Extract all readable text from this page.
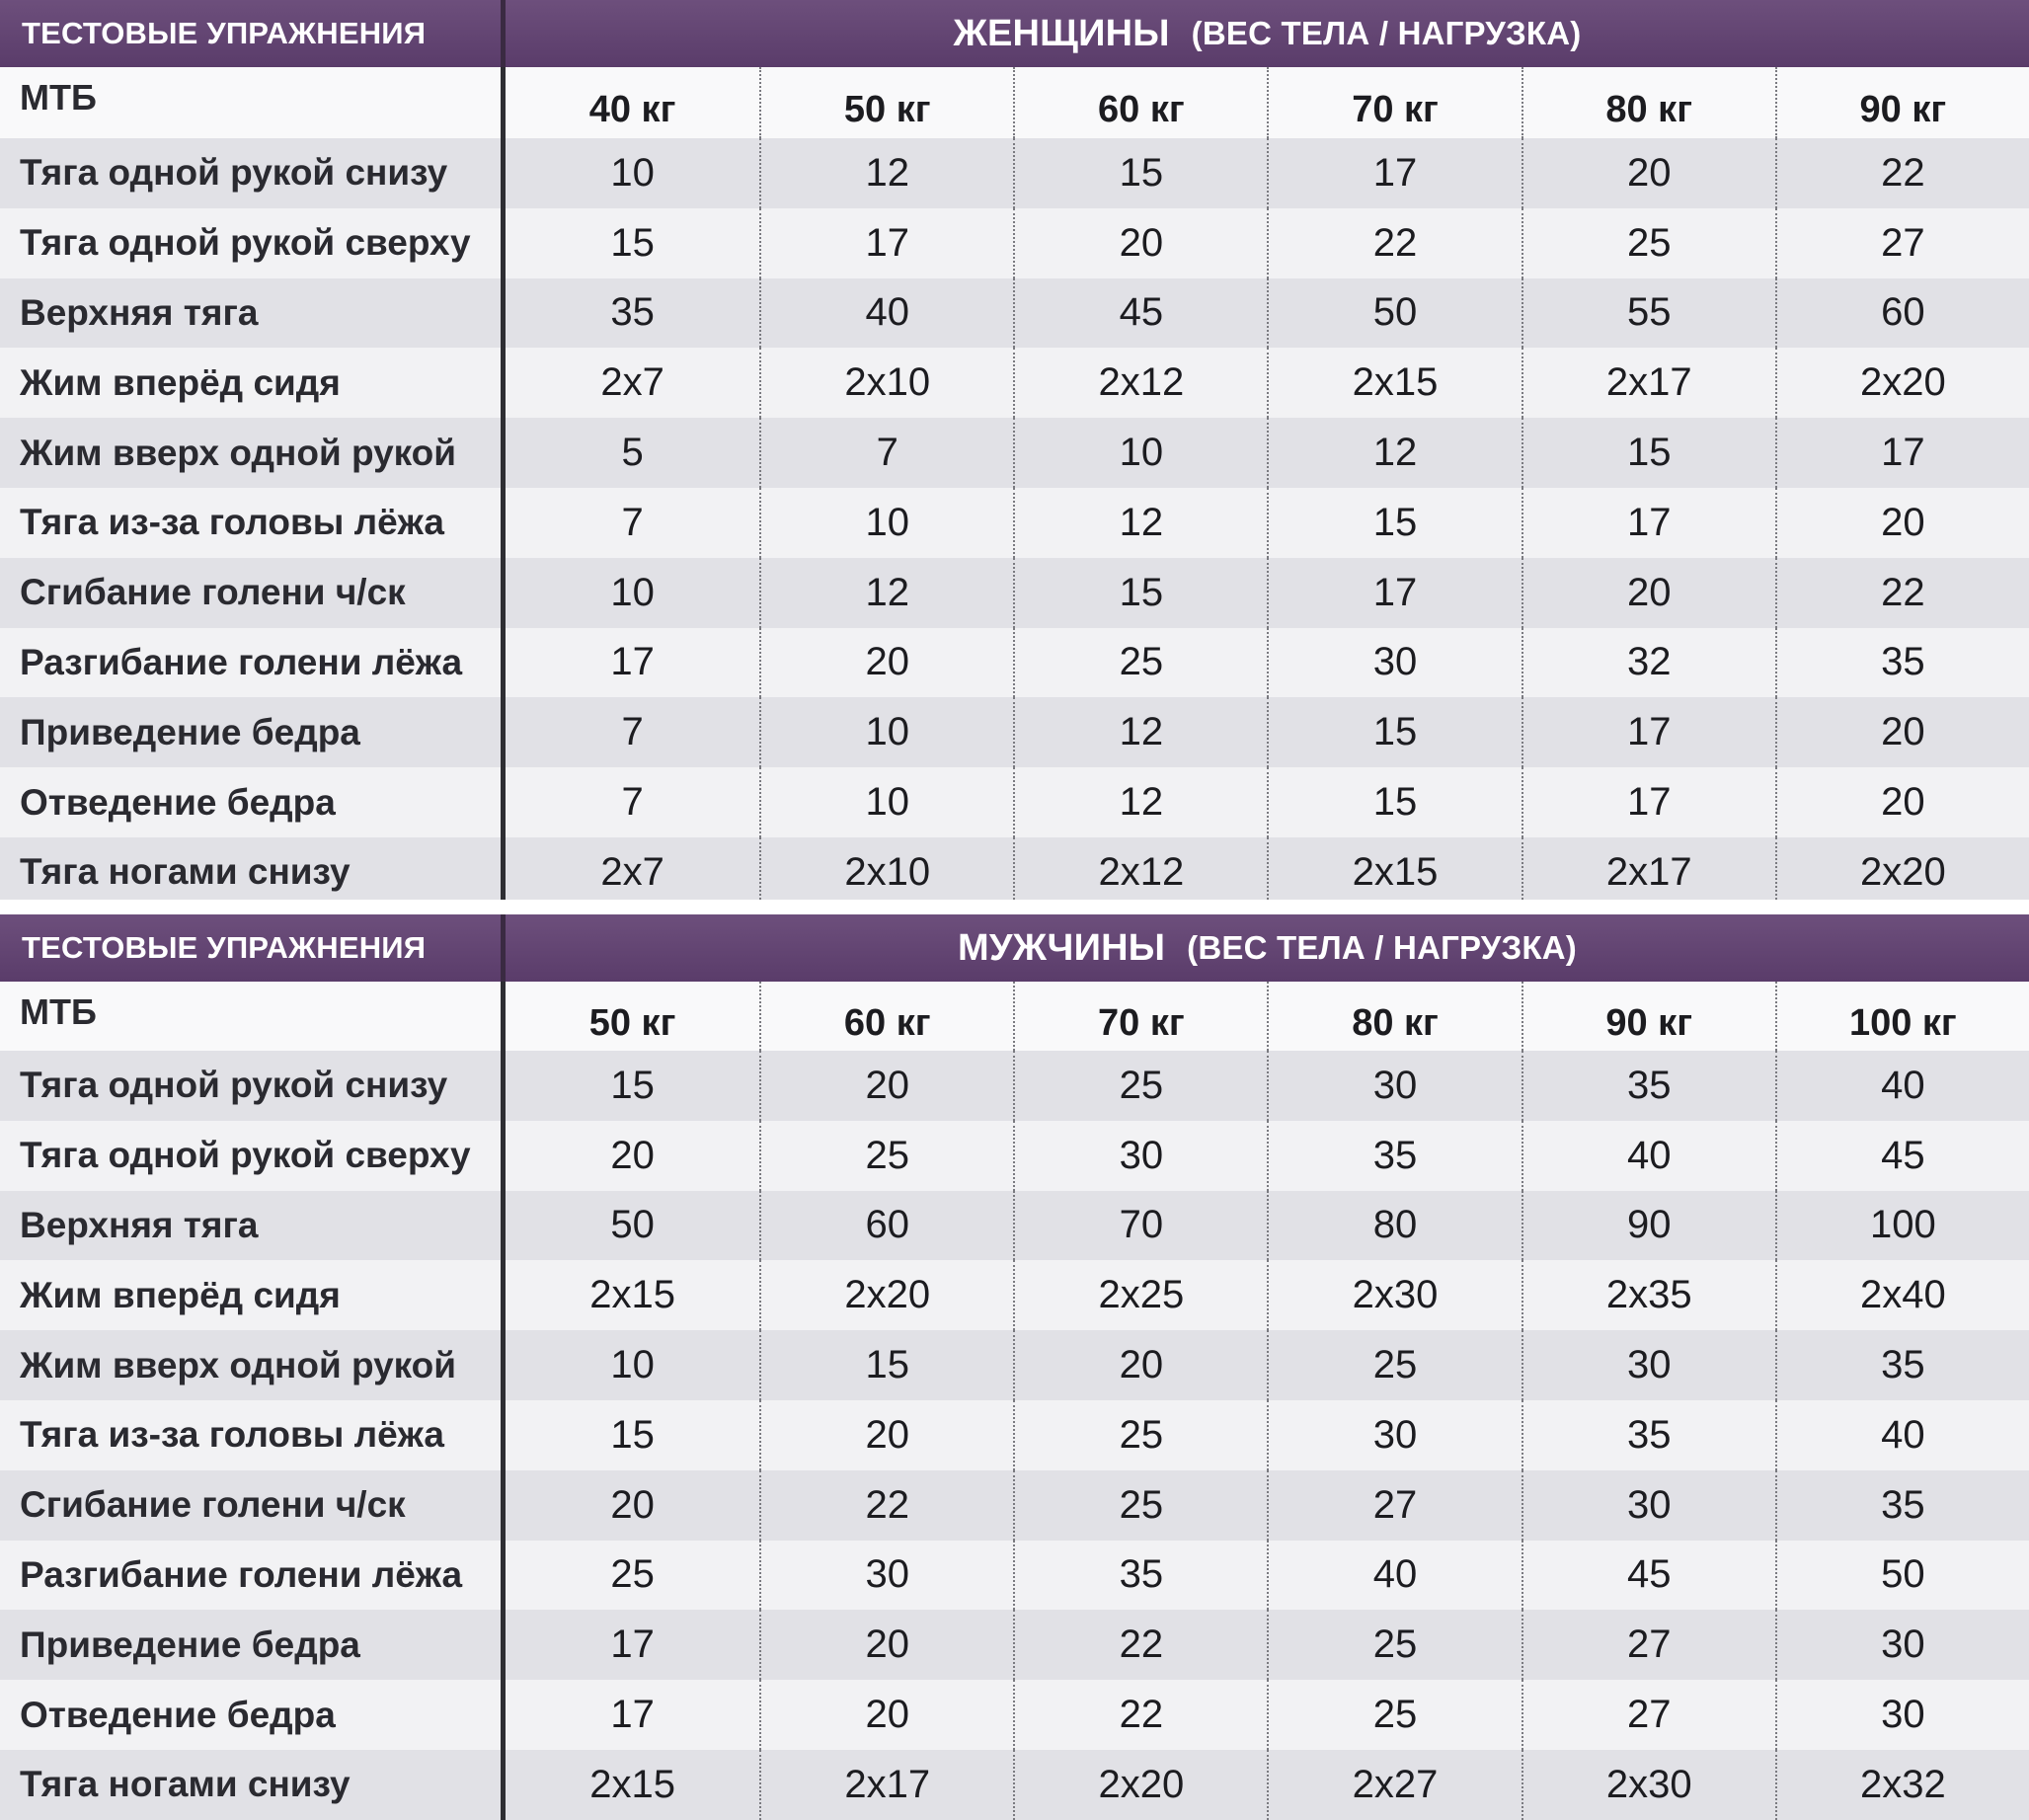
ТЕСТОВЫЕ УПРАЖНЕНИЯ	ЖЕНЩИНЫ (ВЕС ТЕЛА / НАГРУЗКА)
МТБ	40 кг	50 кг	60 кг	70 кг	80 кг	90 кг
Тяга одной рукой снизу	10	12	15	17	20	22
Тяга одной рукой сверху	15	17	20	22	25	27
Верхняя тяга	35	40	45	50	55	60
Жим вперёд сидя	2x7	2x10	2x12	2x15	2x17	2x20
Жим вверх одной рукой	5	7	10	12	15	17
Тяга из-за головы лёжа	7	10	12	15	17	20
Сгибание голени ч/ск	10	12	15	17	20	22
Разгибание голени лёжа	17	20	25	30	32	35
Приведение бедра	7	10	12	15	17	20
Отведение бедра	7	10	12	15	17	20
Тяга ногами снизу	2x7	2x10	2x12	2x15	2x17	2x20
ТЕСТОВЫЕ УПРАЖНЕНИЯ	МУЖЧИНЫ (ВЕС ТЕЛА / НАГРУЗКА)
МТБ	50 кг	60 кг	70 кг	80 кг	90 кг	100 кг
Тяга одной рукой снизу	15	20	25	30	35	40
Тяга одной рукой сверху	20	25	30	35	40	45
Верхняя тяга	50	60	70	80	90	100
Жим вперёд сидя	2x15	2x20	2x25	2x30	2x35	2x40
Жим вверх одной рукой	10	15	20	25	30	35
Тяга из-за головы лёжа	15	20	25	30	35	40
Сгибание голени ч/ск	20	22	25	27	30	35
Разгибание голени лёжа	25	30	35	40	45	50
Приведение бедра	17	20	22	25	27	30
Отведение бедра	17	20	22	25	27	30
Тяга ногами снизу	2x15	2x17	2x20	2x27	2x30	2x32
